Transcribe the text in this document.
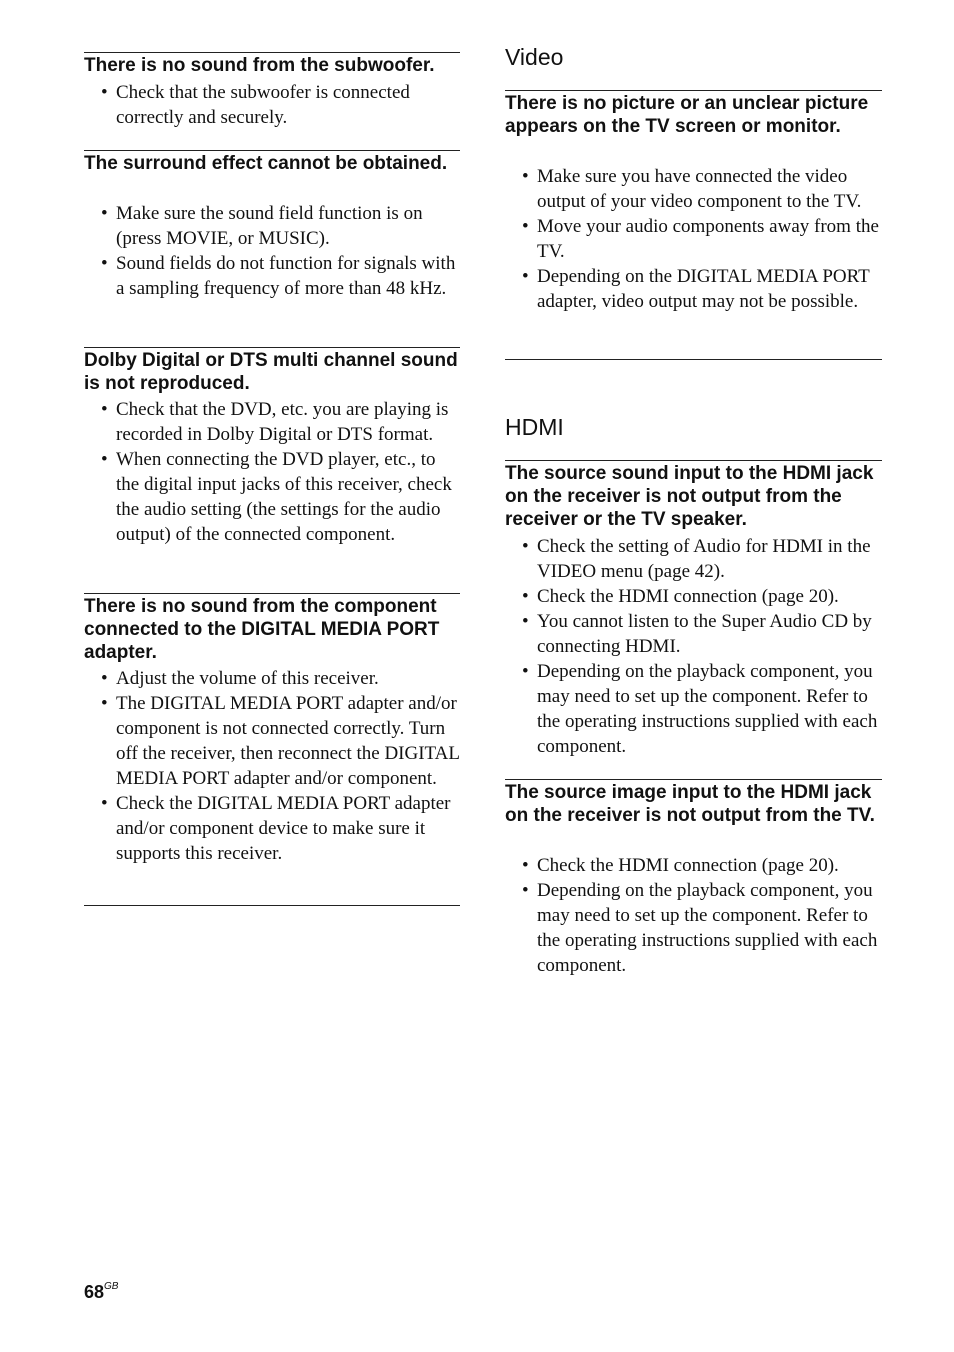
There is no sound from the subwoofer.
• Check that the subwoofer is connected correctly and securely.
The surround effect cannot be obtained.
• Make sure the sound field function is on (press MOVIE, or MUSIC).
• Sound fields do not function for signals with a sampling frequency of more than 48 kHz.
Dolby Digital or DTS multi channel sound is not reproduced.
• Check that the DVD, etc. you are playing is recorded in Dolby Digital or DTS format.
• When connecting the DVD player, etc., to the digital input jacks of this receiver, check the audio setting (the settings for the audio output) of the connected component.
There is no sound from the component connected to the DIGITAL MEDIA PORT adapter.
• Adjust the volume of this receiver.
• The DIGITAL MEDIA PORT adapter and/or component is not connected correctly. Turn off the receiver, then reconnect the DIGITAL MEDIA PORT adapter and/or component.
• Check the DIGITAL MEDIA PORT adapter and/or component device to make sure it supports this receiver.
Video
There is no picture or an unclear picture appears on the TV screen or monitor.
• Make sure you have connected the video output of your video component to the TV.
• Move your audio components away from the TV.
• Depending on the DIGITAL MEDIA PORT adapter, video output may not be possible.
HDMI
The source sound input to the HDMI jack on the receiver is not output from the receiver or the TV speaker.
• Check the setting of Audio for HDMI in the VIDEO menu (page 42).
• Check the HDMI connection (page 20).
• You cannot listen to the Super Audio CD by connecting HDMI.
• Depending on the playback component, you may need to set up the component. Refer to the operating instructions supplied with each component.
The source image input to the HDMI jack on the receiver is not output from the TV.
• Check the HDMI connection (page 20).
• Depending on the playback component, you may need to set up the component. Refer to the operating instructions supplied with each component.
$68^{GB}$
